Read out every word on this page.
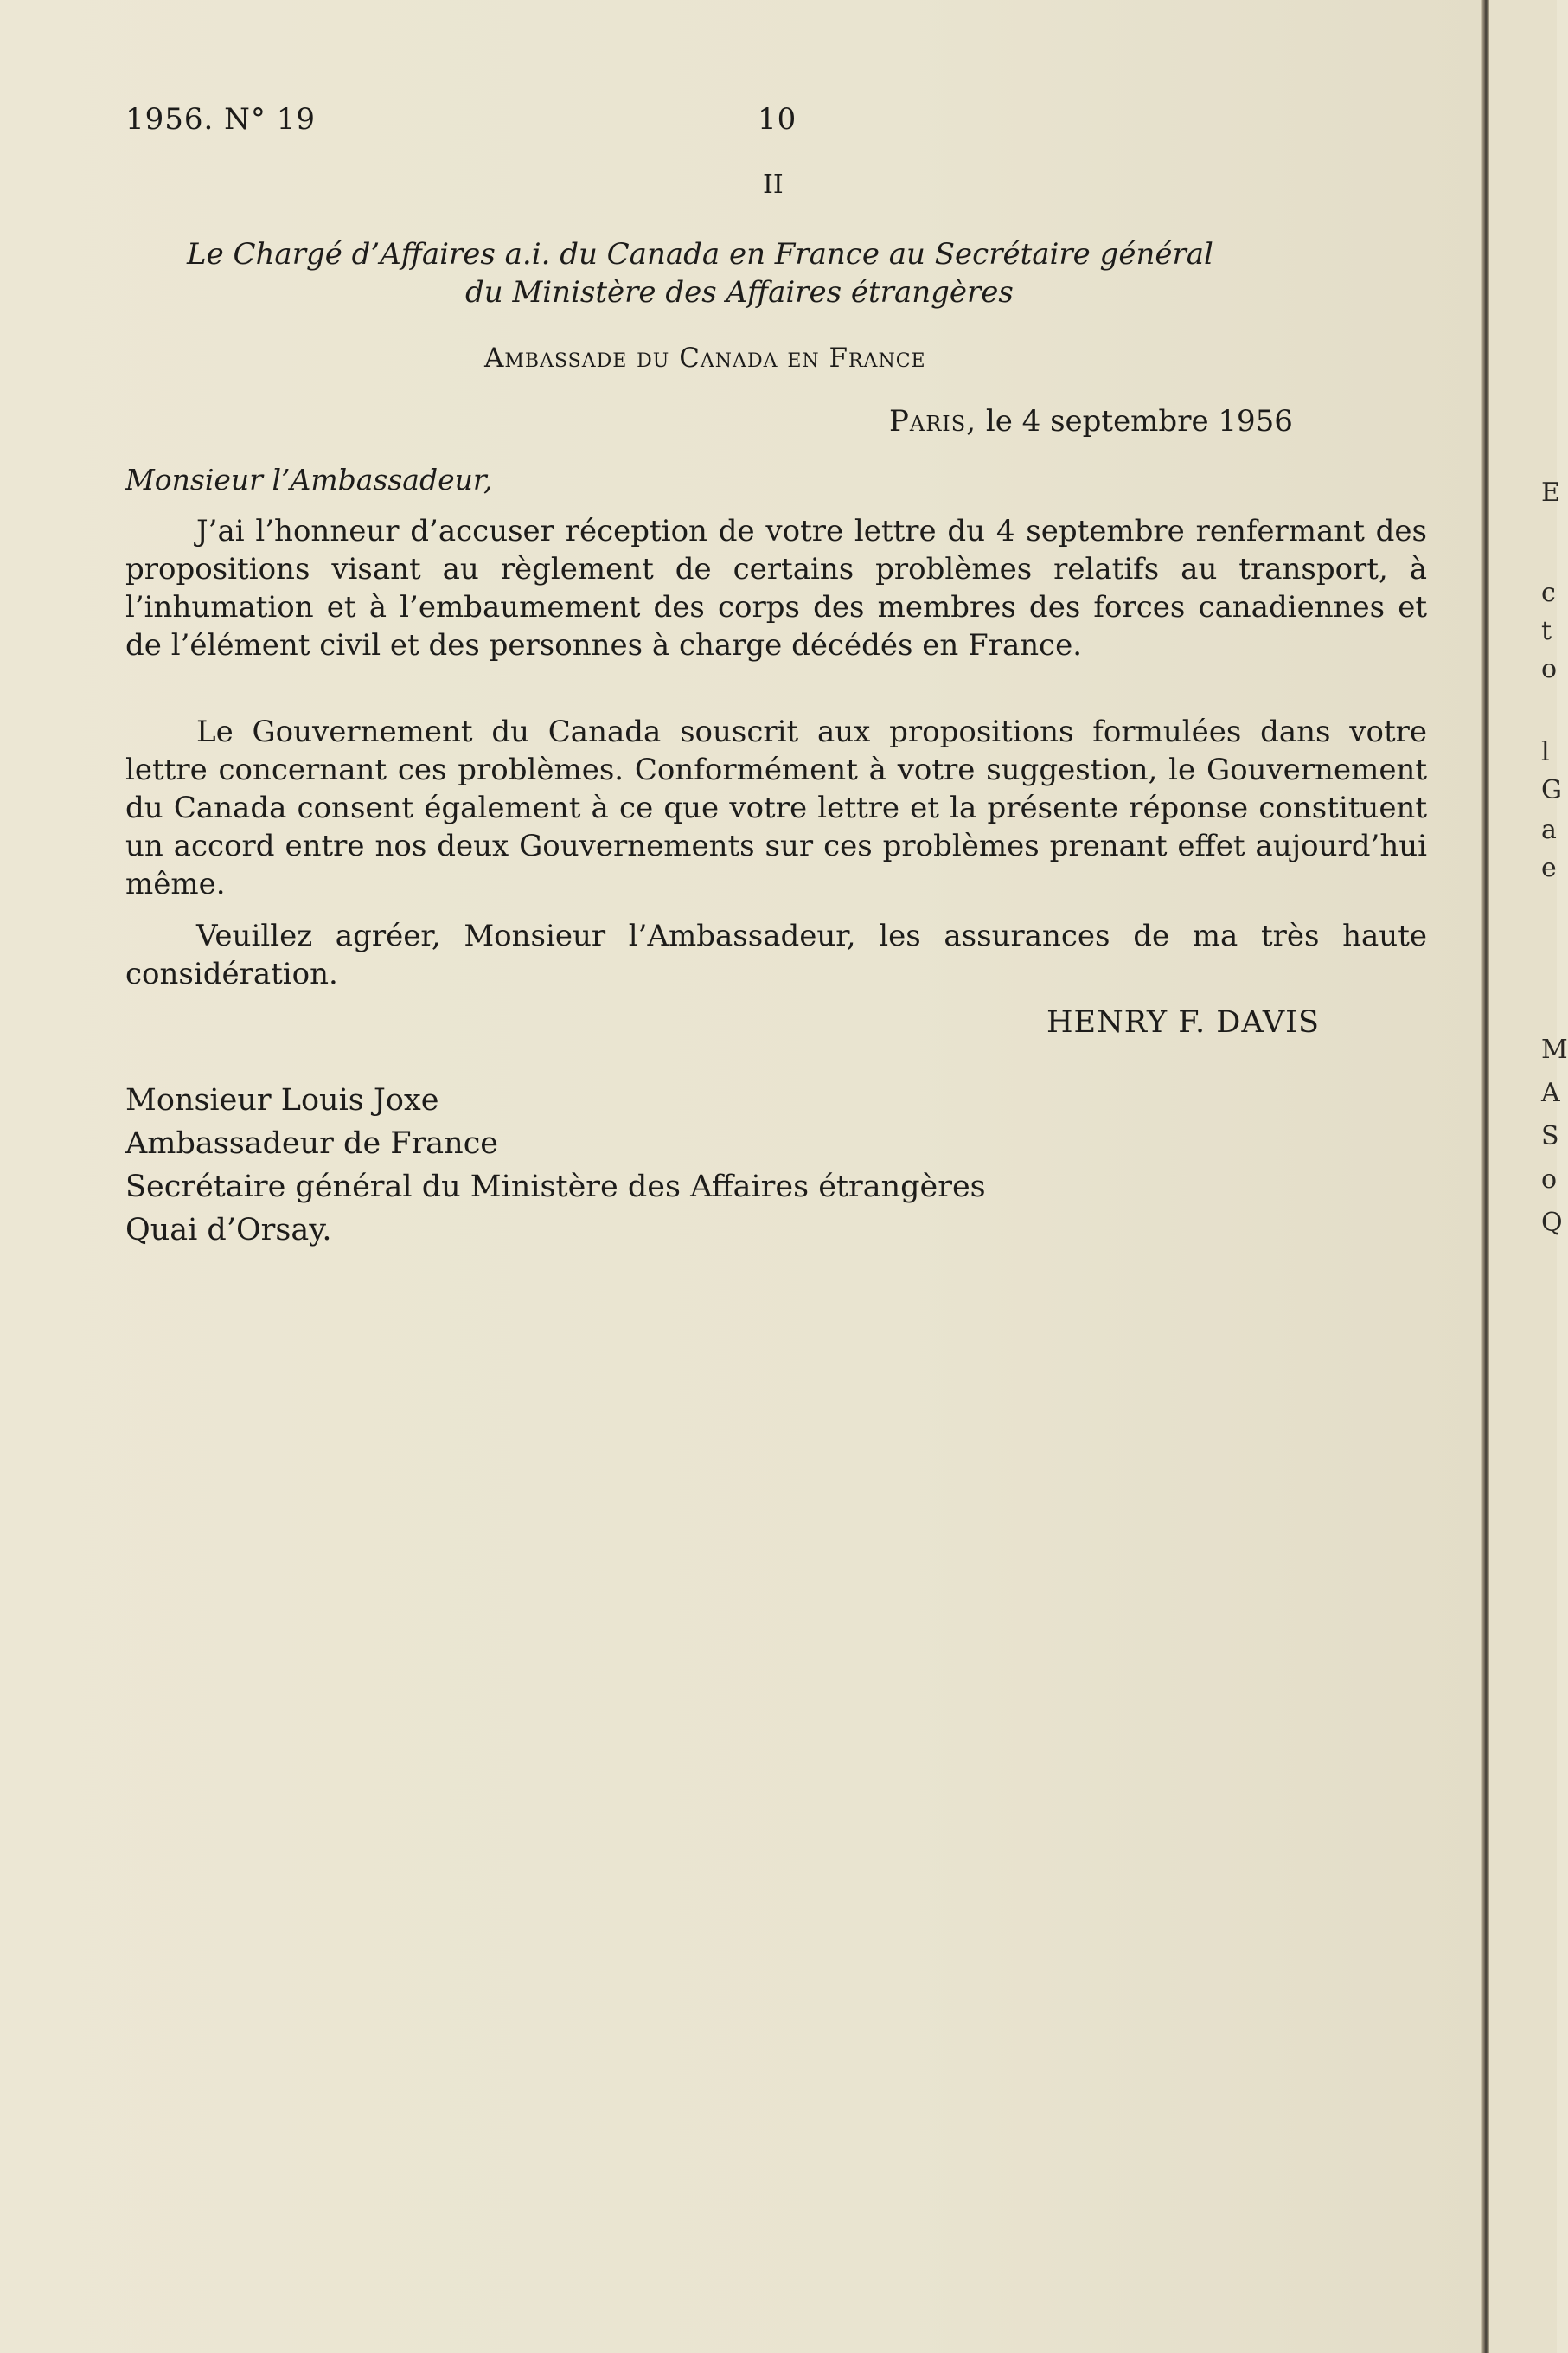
1956. N° 19	10
II
Le Chargé d’Affaires a.i. du Canada en France au Secrétaire général
du Ministère des Affaires étrangères
Ambassade du Canada en France
Paris, le 4 septembre 1956
Monsieur l’Ambassadeur,

J’ai l’honneur d’accuser réception de votre lettre du 4 septembre renfermant des propositions visant au règlement de certains problèmes relatifs au transport, à l’inhumation et à l’embaumement des corps des membres des forces canadiennes et de l’élément civil et des personnes à charge décédés en France.

Le Gouvernement du Canada souscrit aux propositions formulées dans votre lettre concernant ces problèmes. Conformément à votre suggestion, le Gouvernement du Canada consent également à ce que votre lettre et la présente réponse constituent un accord entre nos deux Gouvernements sur ces problèmes prenant effet aujourd’hui même.

Veuillez agréer, Monsieur l’Ambassadeur, les assurances de ma très haute considération.

HENRY F. DAVIS
Monsieur Louis Joxe
Ambassadeur de France
Secrétaire général du Ministère des Affaires étrangères
Quai d’Orsay.
E
c
t
o
l
G
a
e
M
A
S
o
Q
